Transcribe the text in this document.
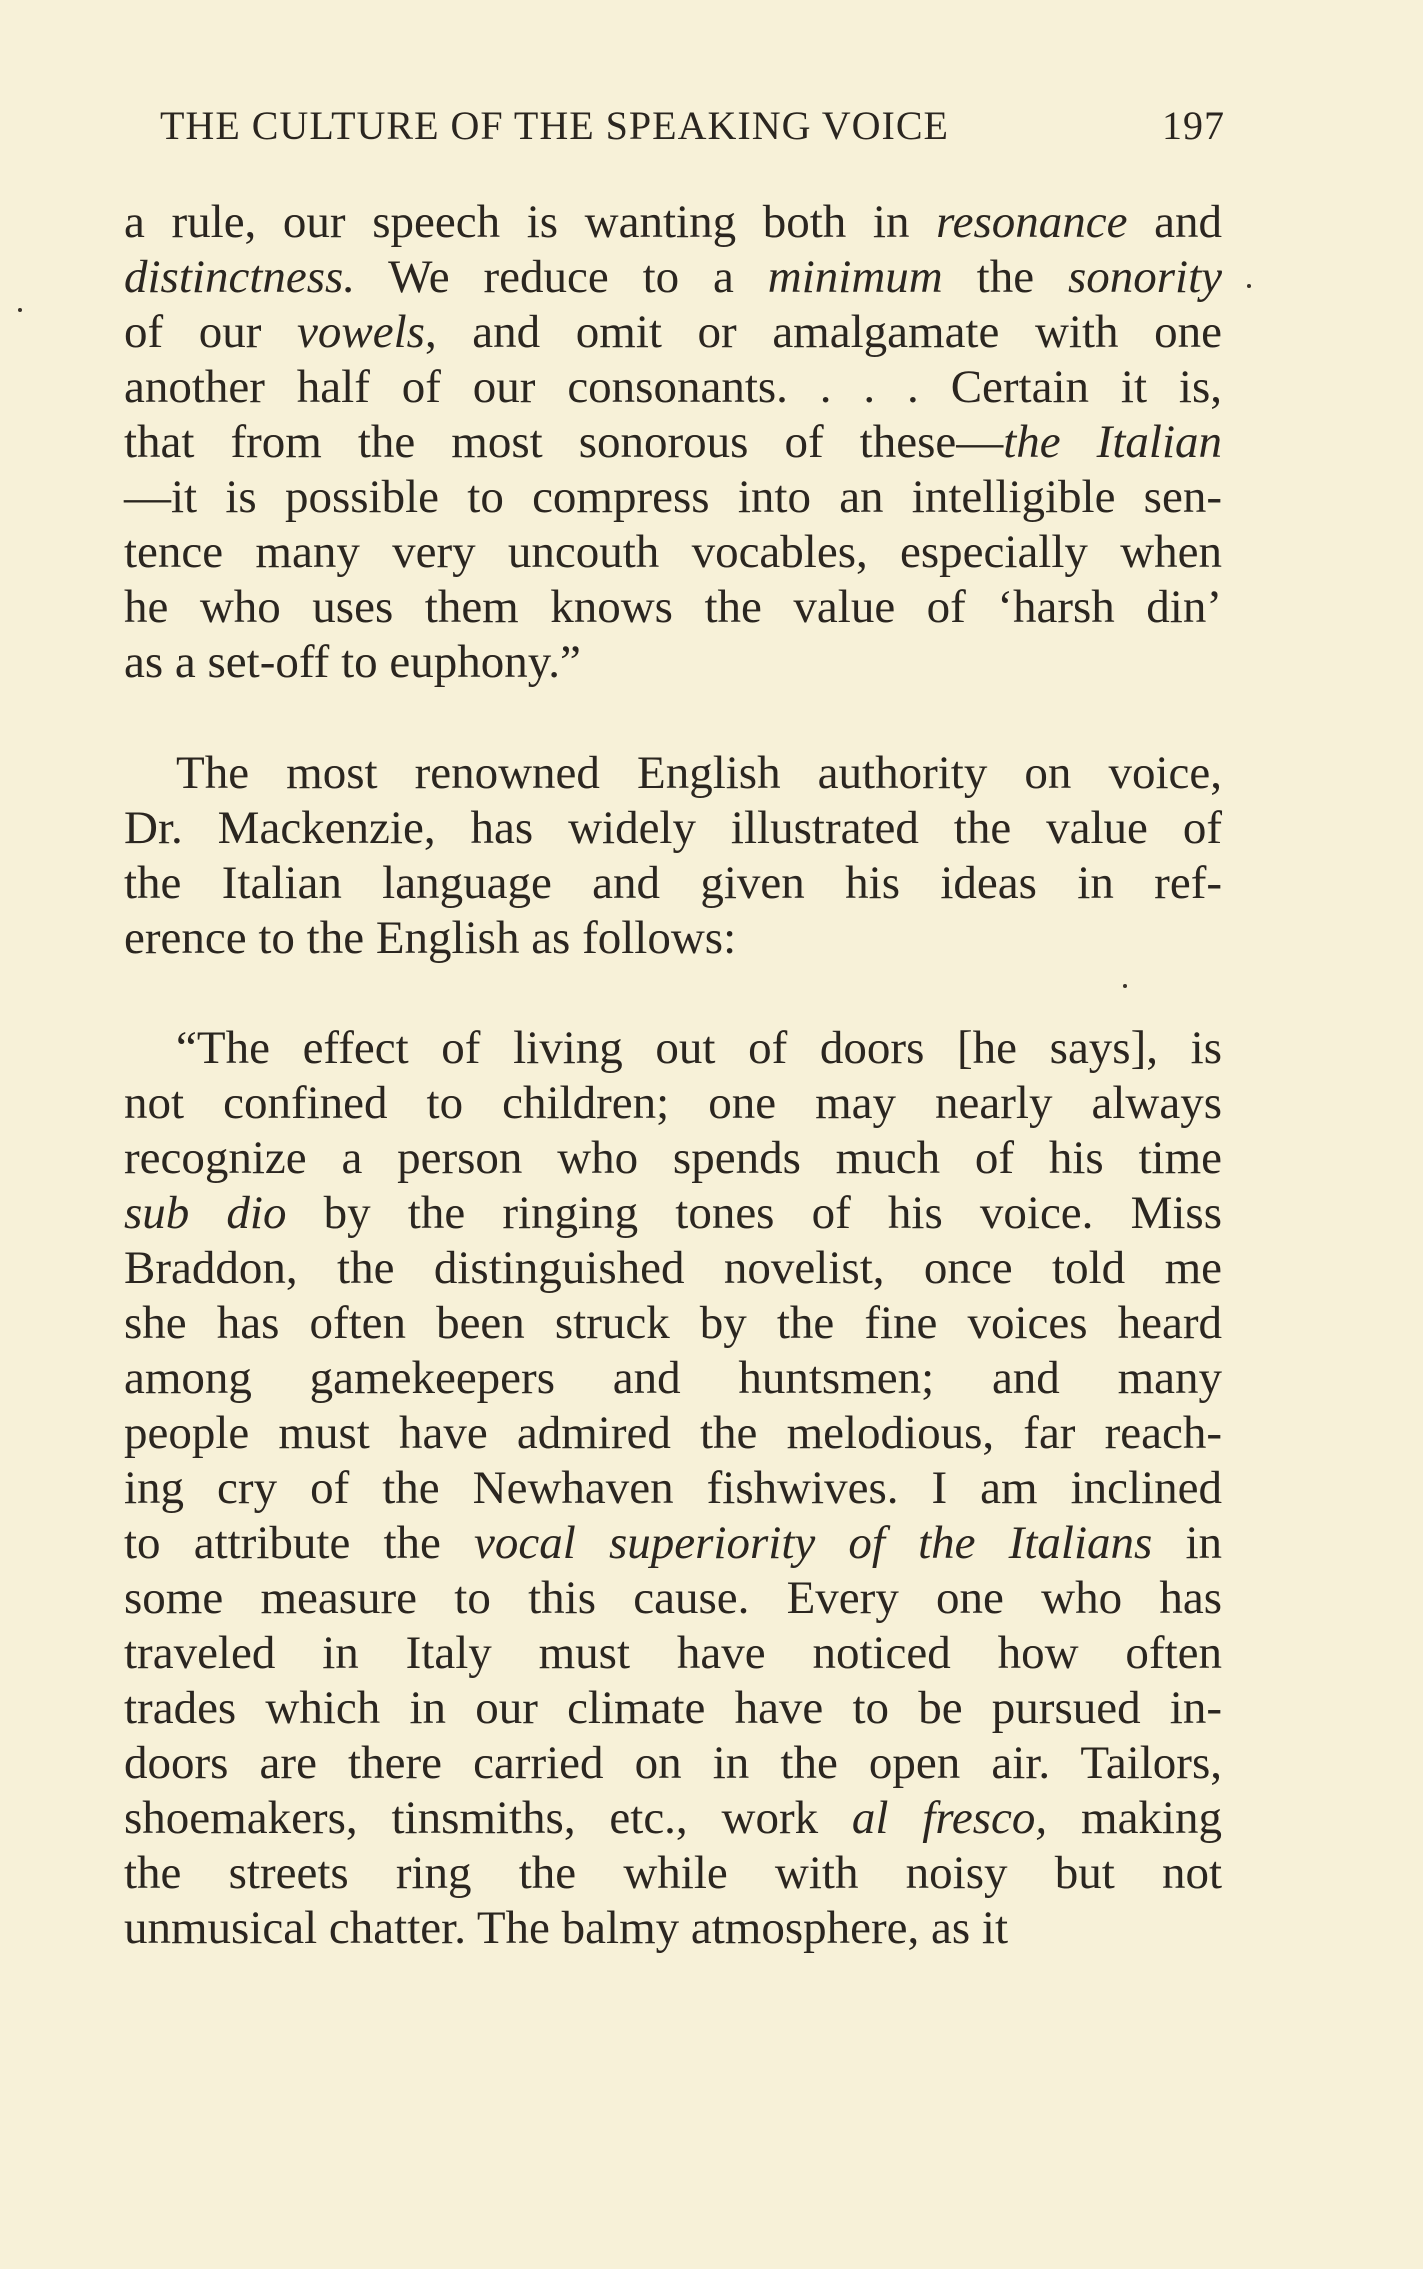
THE CULTURE OF THE SPEAKING VOICE	197
a rule, our speech is wanting both in resonance and
distinctness. We reduce to a minimum the sonority
of our vowels, and omit or amalgamate with one
another half of our consonants. . . . Certain it is,
that from the most sonorous of these—the Italian
—it is possible to compress into an intelligible sen-
tence many very uncouth vocables, especially when
he who uses them knows the value of ‘harsh din’
as a set-off to euphony.”
The most renowned English authority on voice,
Dr. Mackenzie, has widely illustrated the value of
the Italian language and given his ideas in ref-
erence to the English as follows:
“The effect of living out of doors [he says], is
not confined to children; one may nearly always
recognize a person who spends much of his time
sub dio by the ringing tones of his voice. Miss
Braddon, the distinguished novelist, once told me
she has often been struck by the fine voices heard
among gamekeepers and huntsmen; and many
people must have admired the melodious, far reach-
ing cry of the Newhaven fishwives. I am inclined
to attribute the vocal superiority of the Italians in
some measure to this cause. Every one who has
traveled in Italy must have noticed how often
trades which in our climate have to be pursued in-
doors are there carried on in the open air. Tailors,
shoemakers, tinsmiths, etc., work al fresco, making
the streets ring the while with noisy but not
unmusical chatter. The balmy atmosphere, as it
